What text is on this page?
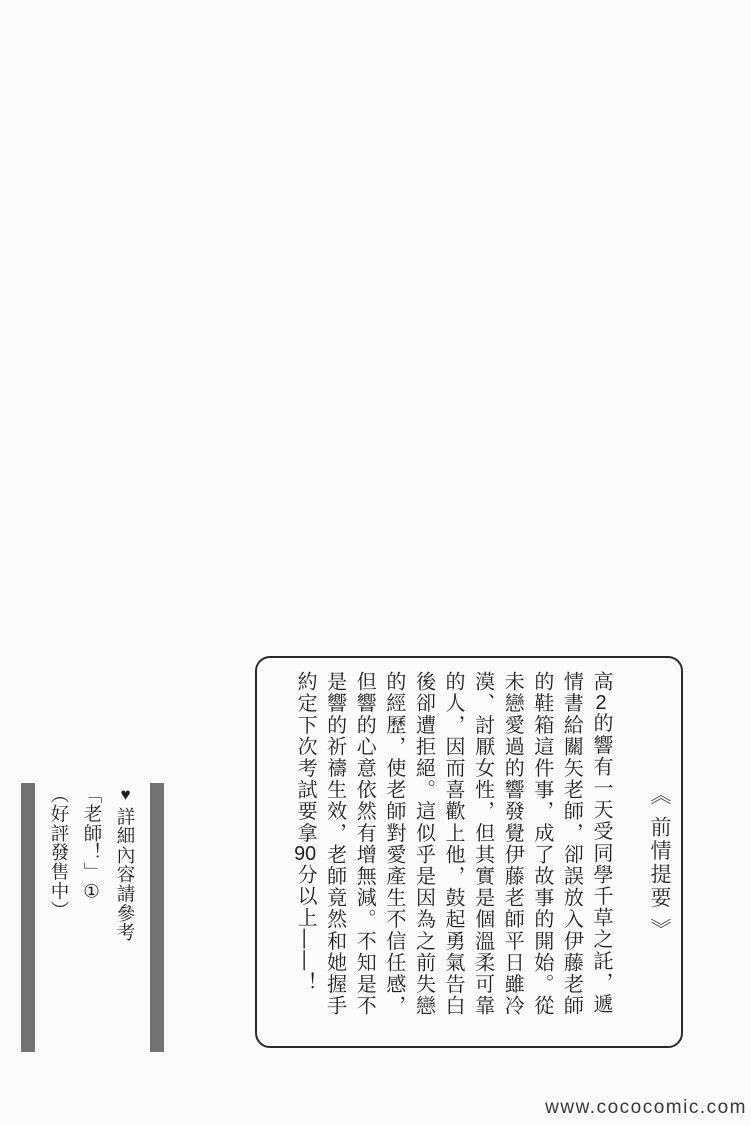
《 前情提要 》

高2的響有一天受同學千草之託，遞

情書給關矢老師，卻誤放入伊藤老師

的鞋箱這件事，成了故事的開始。從

未戀愛過的響發覺伊藤老師平日雖冷

漠、討厭女性，但其實是個溫柔可靠

的人，因而喜歡上他，鼓起勇氣告白

後卻遭拒絕。這似乎是因為之前失戀

的經歷，使老師對愛產生不信任感，

但響的心意依然有增無減。不知是不

是響的祈禱生效，老師竟然和她握手

約定下次考試要拿90分以上——！

♥詳細內容請參考

「老師！」①

（好評發售中）

www.cococomic.com
